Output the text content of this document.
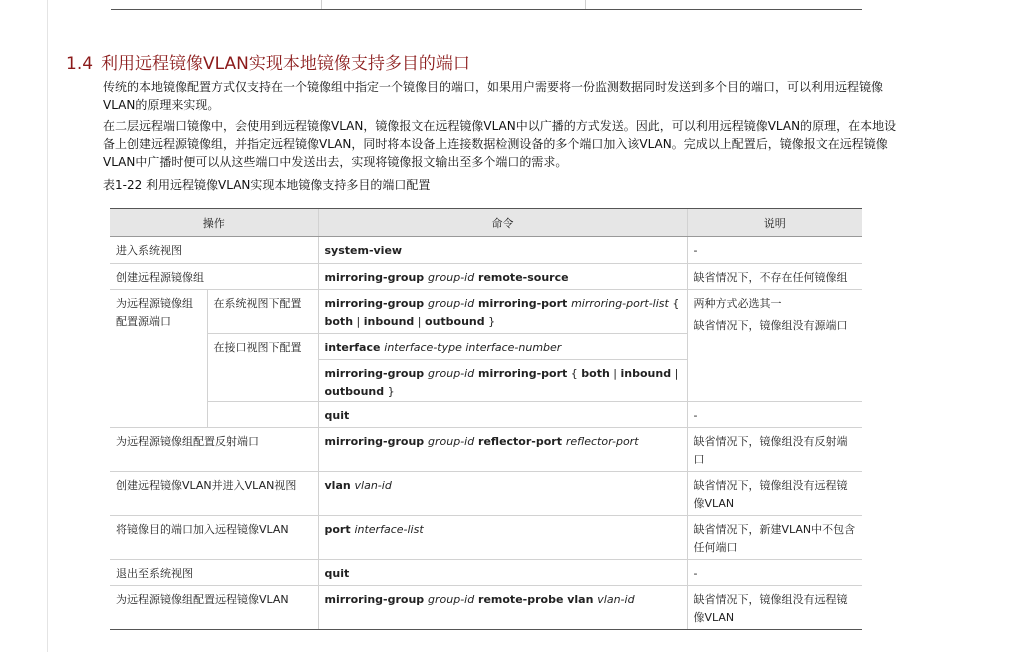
1.4 利用远程镜像VLAN实现本地镜像支持多目的端口
传统的本地镜像配置方式仅支持在一个镜像组中指定一个镜像目的端口，如果用户需要将一份监测数据同时发送到多个目的端口，可以利用远程镜像VLAN的原理来实现。
在二层远程端口镜像中，会使用到远程镜像VLAN，镜像报文在远程镜像VLAN中以广播的方式发送。因此，可以利用远程镜像VLAN的原理，在本地设备上创建远程源镜像组，并指定远程镜像VLAN，同时将本设备上连接数据检测设备的多个端口加入该VLAN。完成以上配置后，镜像报文在远程镜像VLAN中广播时便可以从这些端口中发送出去，实现将镜像报文输出至多个端口的需求。
表1-22 利用远程镜像VLAN实现本地镜像支持多目的端口配置
操作		命令	说明
进入系统视图		system-view	-
创建远程源镜像组		mirroring-group group-id remote-source	缺省情况下，不存在任何镜像组
为远程源镜像组配置源端口	在系统视图下配置	mirroring-group group-id mirroring-port mirroring-port-list { both | inbound | outbound }	两种方式必选其一
缺省情况下，镜像组没有源端口

	在接口视图下配置	interface interface-type interface-number	
		mirroring-group group-id mirroring-port { both | inbound | outbound }	
		quit	-
为远程源镜像组配置反射端口		mirroring-group group-id reflector-port reflector-port	缺省情况下，镜像组没有反射端口
创建远程镜像VLAN并进入VLAN视图		vlan vlan-id	缺省情况下，镜像组没有远程镜像VLAN
将镜像目的端口加入远程镜像VLAN		port interface-list	缺省情况下，新建VLAN中不包含任何端口
退出至系统视图		quit	-
为远程源镜像组配置远程镜像VLAN		mirroring-group group-id remote-probe vlan vlan-id	缺省情况下，镜像组没有远程镜像VLAN
